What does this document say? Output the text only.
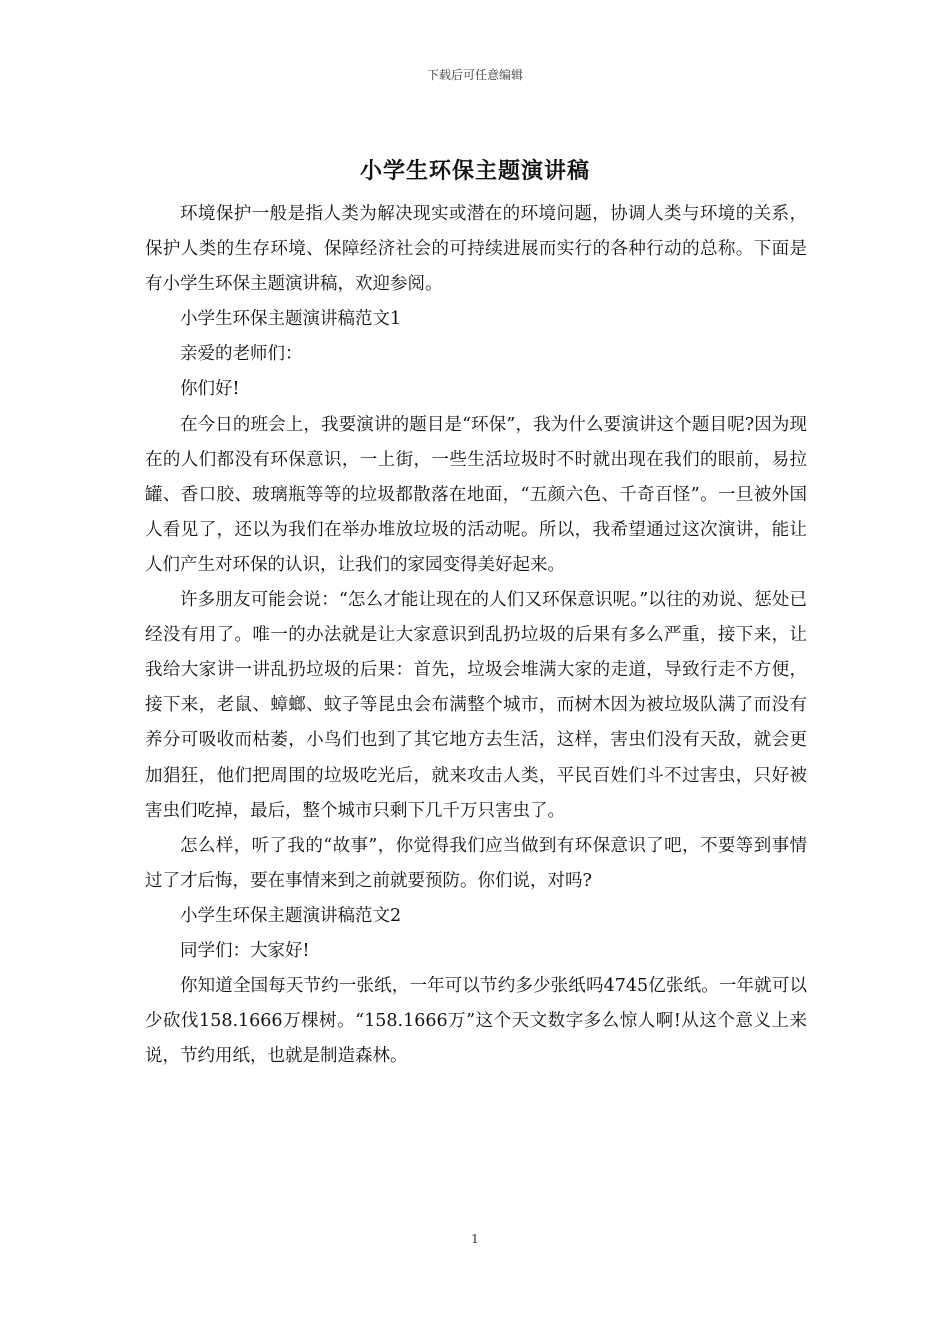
下载后可任意编辑
小学生环保主题演讲稿

环境保护一般是指人类为解决现实或潜在的环境问题，协调人类与环境的关系，保护人类的生存环境、保障经济社会的可持续进展而实行的各种行动的总称。下面是有小学生环保主题演讲稿，欢迎参阅。

小学生环保主题演讲稿范文1

亲爱的老师们：

你们好!

在今日的班会上，我要演讲的题目是“环保”，我为什么要演讲这个题目呢?因为现在的人们都没有环保意识，一上街，一些生活垃圾时不时就出现在我们的眼前，易拉罐、香口胶、玻璃瓶等等的垃圾都散落在地面，“五颜六色、千奇百怪”。一旦被外国人看见了，还以为我们在举办堆放垃圾的活动呢。所以，我希望通过这次演讲，能让人们产生对环保的认识，让我们的家园变得美好起来。

许多朋友可能会说：“怎么才能让现在的人们又环保意识呢。”以往的劝说、惩处已经没有用了。唯一的办法就是让大家意识到乱扔垃圾的后果有多么严重，接下来，让我给大家讲一讲乱扔垃圾的后果：首先，垃圾会堆满大家的走道，导致行走不方便，接下来，老鼠、蟑螂、蚊子等昆虫会布满整个城市，而树木因为被垃圾队满了而没有养分可吸收而枯萎，小鸟们也到了其它地方去生活，这样，害虫们没有天敌，就会更加猖狂，他们把周围的垃圾吃光后，就来攻击人类，平民百姓们斗不过害虫，只好被害虫们吃掉，最后，整个城市只剩下几千万只害虫了。

怎么样，听了我的“故事”，你觉得我们应当做到有环保意识了吧，不要等到事情过了才后悔，要在事情来到之前就要预防。你们说，对吗?

小学生环保主题演讲稿范文2

同学们：大家好!

你知道全国每天节约一张纸，一年可以节约多少张纸吗4745亿张纸。一年就可以少砍伐158.1666万棵树。“158.1666万”这个天文数字多么惊人啊!从这个意义上来说，节约用纸，也就是制造森林。

1
